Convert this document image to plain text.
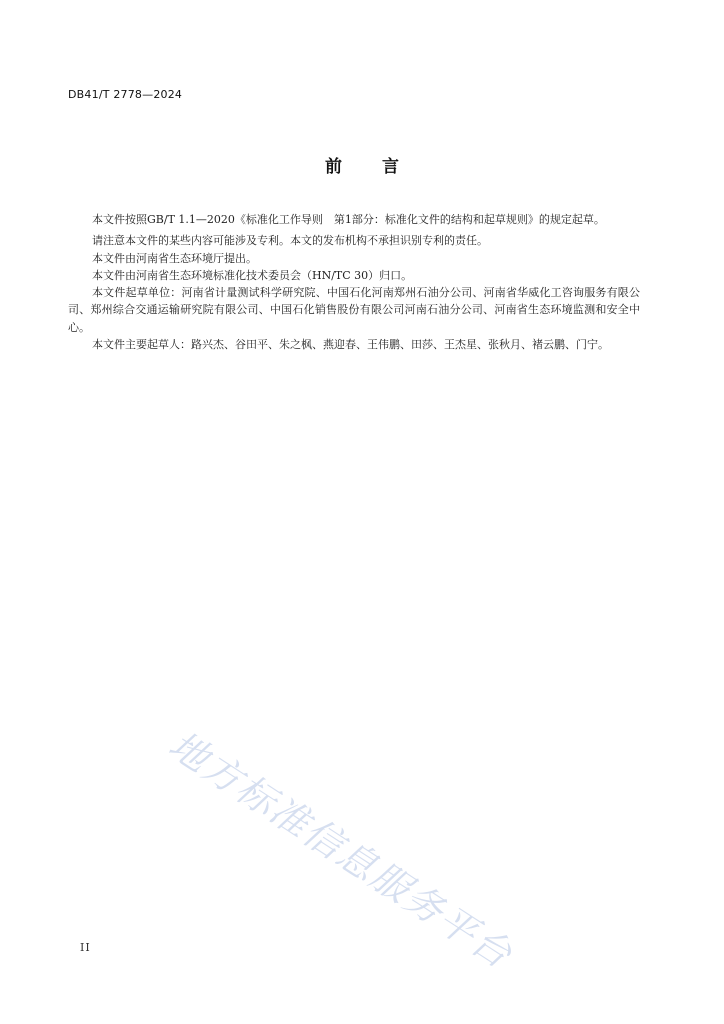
DB41/T 2778—2024
前 言

本文件按照GB/T 1.1—2020《标准化工作导则　第1部分：标准化文件的结构和起草规则》的规定起草。

请注意本文件的某些内容可能涉及专利。本文的发布机构不承担识别专利的责任。

本文件由河南省生态环境厅提出。

本文件由河南省生态环境标准化技术委员会（HN/TC 30）归口。

本文件起草单位：河南省计量测试科学研究院、中国石化河南郑州石油分公司、河南省华威化工咨询服务有限公司、郑州综合交通运输研究院有限公司、中国石化销售股份有限公司河南石油分公司、河南省生态环境监测和安全中心。

本文件主要起草人：路兴杰、谷田平、朱之枫、燕迎春、王伟鹏、田莎、王杰星、张秋月、褚云鹏、门宁。

地方标准信息服务平台
II
